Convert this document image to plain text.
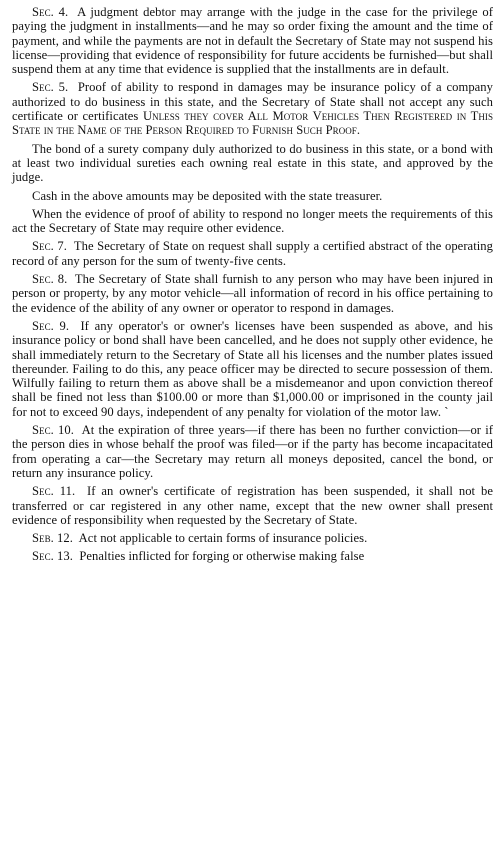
Sec. 4. A judgment debtor may arrange with the judge in the case for the privilege of paying the judgment in installments—and he may so order fixing the amount and the time of payment, and while the payments are not in default the Secretary of State may not suspend his license—providing that evidence of responsibility for future accidents be furnished—but shall suspend them at any time that evidence is supplied that the installments are in default.

Sec. 5. Proof of ability to respond in damages may be insurance policy of a company authorized to do business in this state, and the Secretary of State shall not accept any such certificate or certificates Unless they cover All Motor Vehicles Then Registered in This State in the Name of the Person Required to Furnish Such Proof.

The bond of a surety company duly authorized to do business in this state, or a bond with at least two individual sureties each owning real estate in this state, and approved by the judge.

Cash in the above amounts may be deposited with the state treasurer.

When the evidence of proof of ability to respond no longer meets the requirements of this act the Secretary of State may require other evidence.

Sec. 7. The Secretary of State on request shall supply a certified abstract of the operating record of any person for the sum of twenty-five cents.

Sec. 8. The Secretary of State shall furnish to any person who may have been injured in person or property, by any motor vehicle—all information of record in his office pertaining to the evidence of the ability of any owner or operator to respond in damages.

Sec. 9. If any operator's or owner's licenses have been suspended as above, and his insurance policy or bond shall have been cancelled, and he does not supply other evidence, he shall immediately return to the Secretary of State all his licenses and the number plates issued thereunder. Failing to do this, any peace officer may be directed to secure possession of them. Wilfully failing to return them as above shall be a misdemeanor and upon conviction thereof shall be fined not less than $100.00 or more than $1,000.00 or imprisoned in the county jail for not to exceed 90 days, independent of any penalty for violation of the motor law. `

Sec. 10. At the expiration of three years—if there has been no further conviction—or if the person dies in whose behalf the proof was filed—or if the party has become incapacitated from operating a car—the Secretary may return all moneys deposited, cancel the bond, or return any insurance policy.

Sec. 11. If an owner's certificate of registration has been suspended, it shall not be transferred or car registered in any other name, except that the new owner shall present evidence of responsibility when requested by the Secretary of State.

Seb. 12. Act not applicable to certain forms of insurance policies.

Sec. 13. Penalties inflicted for forging or otherwise making false
